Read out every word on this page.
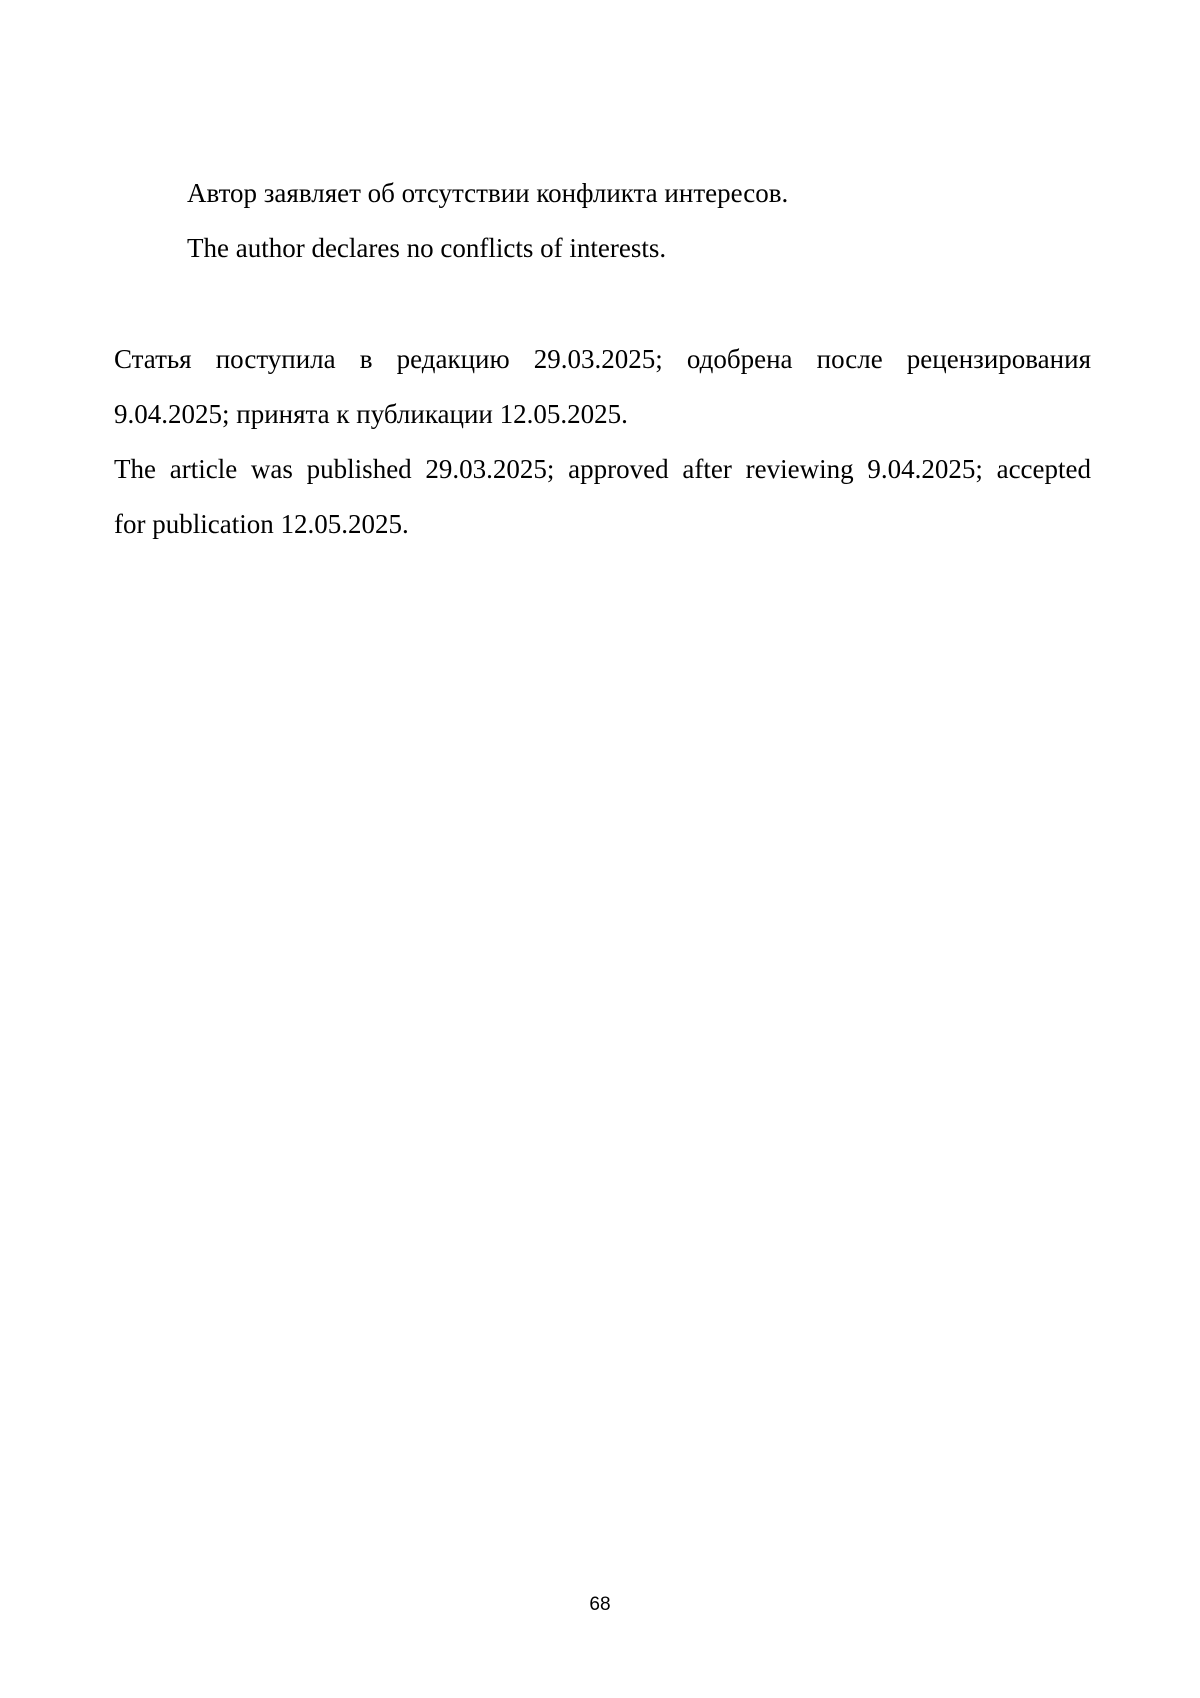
Автор заявляет об отсутствии конфликта интересов.

The author declares no conflicts of interests.

Статья поступила в редакцию 29.03.2025; одобрена после рецензирования

9.04.2025; принята к публикации 12.05.2025.

The article was published 29.03.2025; approved after reviewing 9.04.2025; accepted

for publication 12.05.2025.

68
